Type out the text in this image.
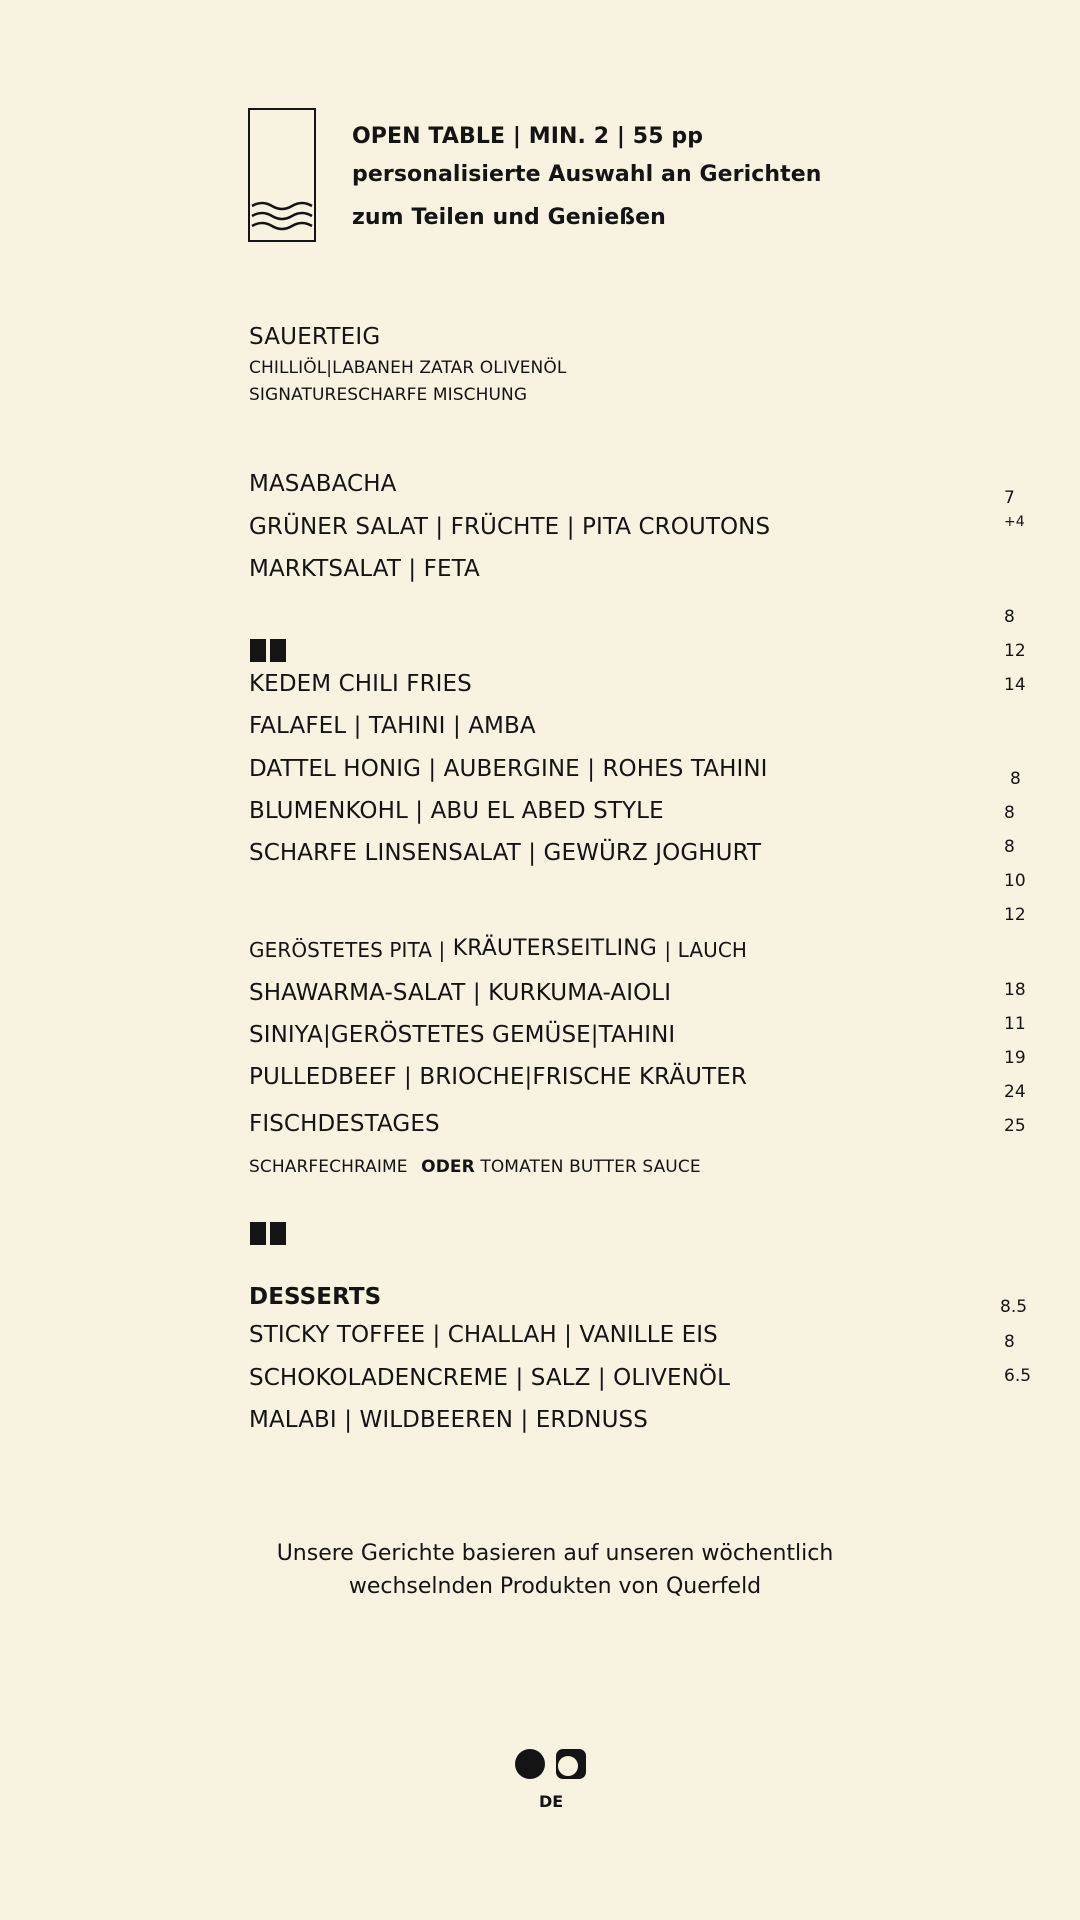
OPEN TABLE | MIN. 2 | 55 pp
personalisierte Auswahl an Gerichten
zum Teilen und Genießen
SAUERTEIG
CHILLIÖL|LABANEH ZATAR OLIVENÖL
SIGNATURESCHARFE MISCHUNG
MASABACHA
GRÜNER SALAT | FRÜCHTE | PITA CROUTONS
MARKTSALAT | FETA
KEDEM CHILI FRIES
FALAFEL | TAHINI | AMBA
DATTEL HONIG | AUBERGINE | ROHES TAHINI
BLUMENKOHL | ABU EL ABED STYLE
SCHARFE LINSENSALAT | GEWÜRZ JOGHURT
GERÖSTETES PITA | KRÄUTERSEITLING | LAUCH
SHAWARMA-SALAT | KURKUMA-AIOLI
SINIYA|GERÖSTETES GEMÜSE|TAHINI
PULLEDBEEF | BRIOCHE|FRISCHE KRÄUTER
FISCHDESTAGES
SCHARFECHRAIME ODER TOMATEN BUTTER SAUCE
DESSERTS
STICKY TOFFEE | CHALLAH | VANILLE EIS
SCHOKOLADENCREME | SALZ | OLIVENÖL
MALABI | WILDBEEREN | ERDNUSS
7
+4
8
12
14
8
8
8
10
12
18
11
19
24
25
8.5
8
6.5
Unsere Gerichte basieren auf unseren wöchentlich
wechselnden Produkten von Querfeld
DE
